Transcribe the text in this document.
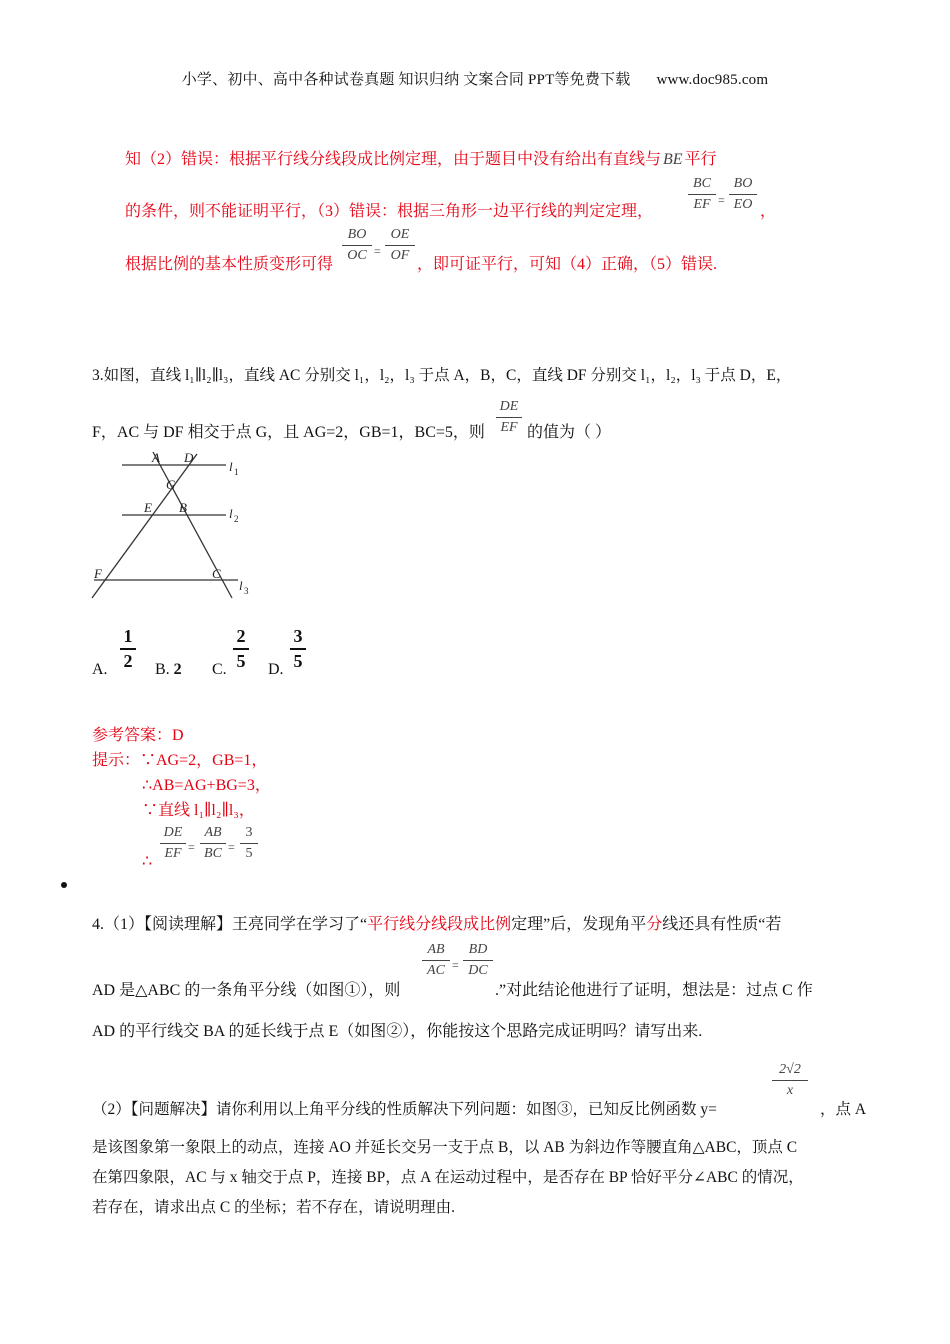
小学、初中、高中各种试卷真题 知识归纳 文案合同 PPT等免费下载 www.doc985.com
知（2）错误：根据平行线分线段成比例定理，由于题目中没有给出有直线与 BE 平行
的条件，则不能证明平行，（3）错误：根据三角形一边平行线的判定定理，
BC
EF =
BO
EO ，
根据比例的基本性质变形可得
BO
OC =
OE
OF
，即可证平行，可知（4）正确，（5）错误.
3.如图，直线 l₁∥l₂∥l₃，直线 AC 分别交 l₁，l₂，l₃ 于点 A，B，C，直线 DF 分别交 l₁，l₂，l₃ 于点 D，E，
F，AC 与 DF 相交于点 G，且 AG=2，GB=1，BC=5，则
DE
EF 的值为（ ）
A D
G
E B
F	C
l 1
l 2
l 3
A.
1
2 B. 2 C.
2
5 D.
3
5
参考答案：D
提示：∵AG=2，GB=1，
∴AB=AG+BG=3，
∵直线 l₁∥l₂∥l₃，
DE
EF =
AB
BC =
3
5
∴
4.（1）【阅读理解】王亮同学在学习了“平行线分线段成比例定理”后，发现角平分线还具有性质“若
AB
AC =
BD
DC
AD 是△ABC 的一条角平分线（如图①），则	.”对此结论他进行了证明，想法是：过点 C 作
AD 的平行线交 BA 的延长线于点 E（如图②），你能按这个思路完成证明吗？请写出来.
2√2
x
（2）【问题解决】请你利用以上角平分线的性质解决下列问题：如图③，已知反比例函数 y=	，点 A
是该图象第一象限上的动点，连接 AO 并延长交另一支于点 B，以 AB 为斜边作等腰直角△ABC，顶点 C
在第四象限，AC 与 x 轴交于点 P，连接 BP，点 A 在运动过程中，是否存在 BP 恰好平分∠ABC 的情况，
若存在，请求出点 C 的坐标；若不存在，请说明理由.
